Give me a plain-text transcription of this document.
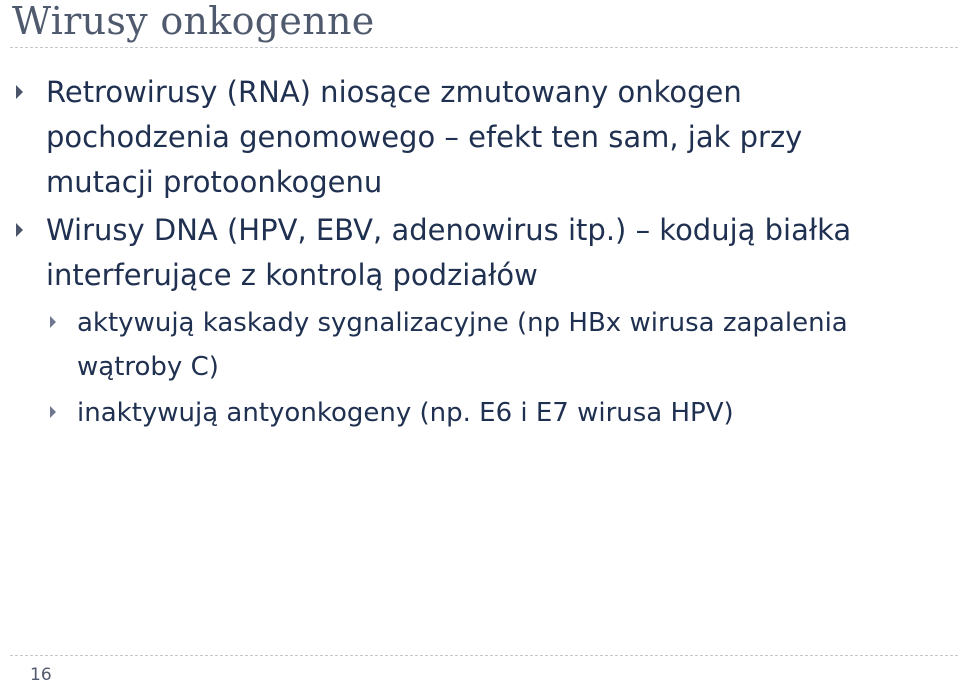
Wirusy onkogenne
Retrowirusy (RNA) niosące zmutowany onkogen pochodzenia genomowego – efekt ten sam, jak przy mutacji protoonkogenu
Wirusy DNA (HPV, EBV, adenowirus itp.) – kodują białka interferujące z kontrolą podziałów
aktywują kaskady sygnalizacyjne (np HBx wirusa zapalenia wątroby C)
inaktywują antyonkogeny (np. E6 i E7 wirusa HPV)
16
